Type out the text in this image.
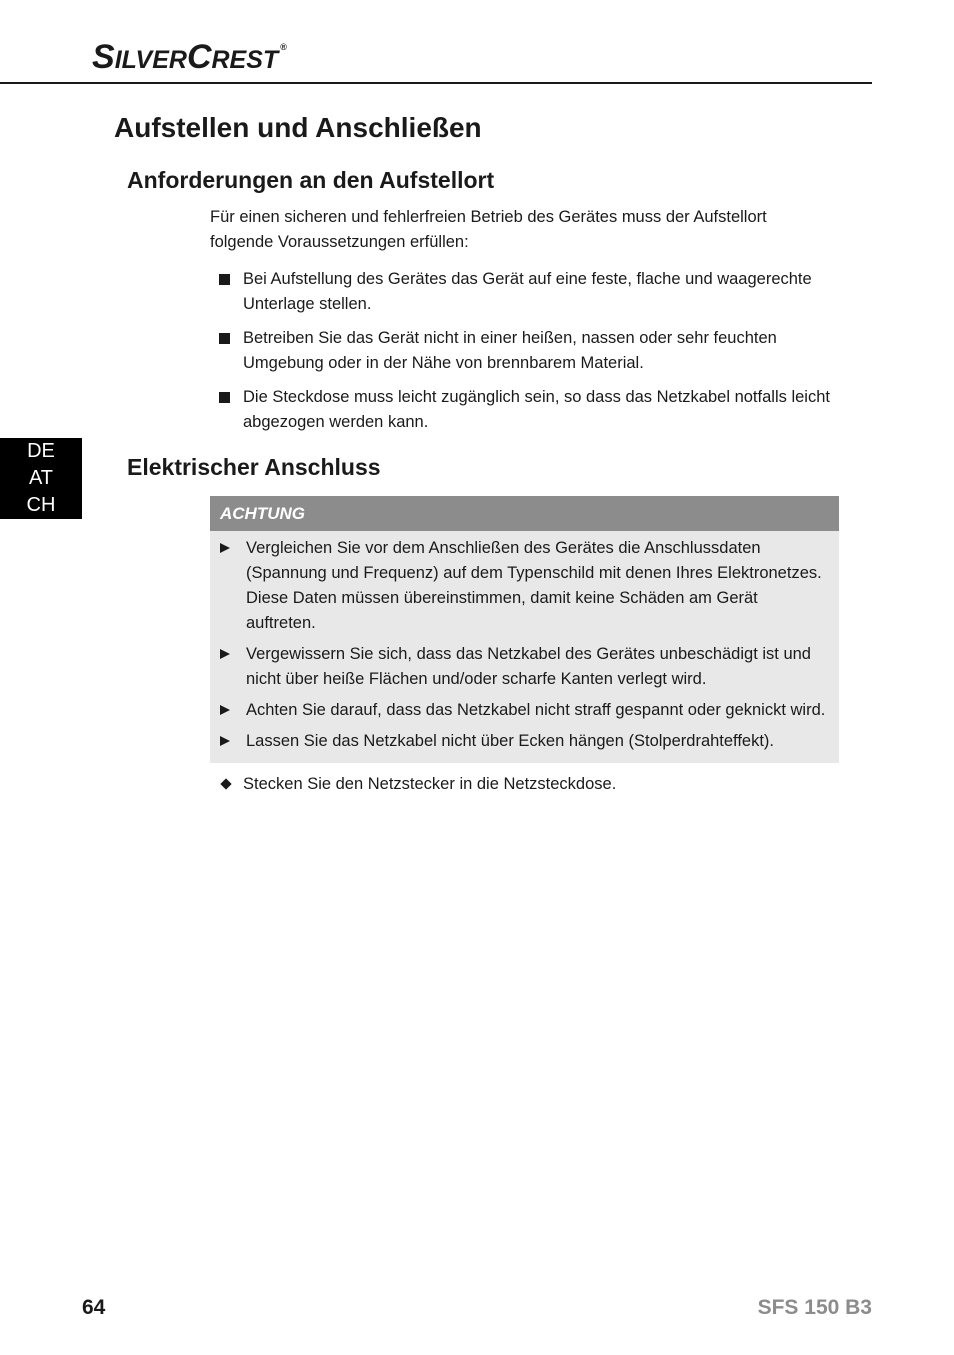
SILVERCREST ®
Aufstellen und Anschließen
Anforderungen an den Aufstellort

Für einen sicheren und fehlerfreien Betrieb des Gerätes muss der Aufstellort folgende Voraussetzungen erfüllen:

Bei Aufstellung des Gerätes das Gerät auf eine feste, flache und waagerechte Unterlage stellen.
Betreiben Sie das Gerät nicht in einer heißen, nassen oder sehr feuchten Umgebung oder in der Nähe von brennbarem Material.
Die Steckdose muss leicht zugänglich sein, so dass das Netzkabel notfalls leicht abgezogen werden kann.
DE
AT
CH
Elektrischer Anschluss
ACHTUNG
Vergleichen Sie vor dem Anschließen des Gerätes die Anschlussdaten (Spannung und Frequenz) auf dem Typenschild mit denen Ihres Elektronetzes. Diese Daten müssen übereinstimmen, damit keine Schäden am Gerät auftreten.
Vergewissern Sie sich, dass das Netzkabel des Gerätes unbeschädigt ist und nicht über heiße Flächen und/oder scharfe Kanten verlegt wird.
Achten Sie darauf, dass das Netzkabel nicht straff gespannt oder geknickt wird.
Lassen Sie das Netzkabel nicht über Ecken hängen (Stolperdrahteffekt).
Stecken Sie den Netzstecker in die Netzsteckdose.
64	SFS 150 B3
